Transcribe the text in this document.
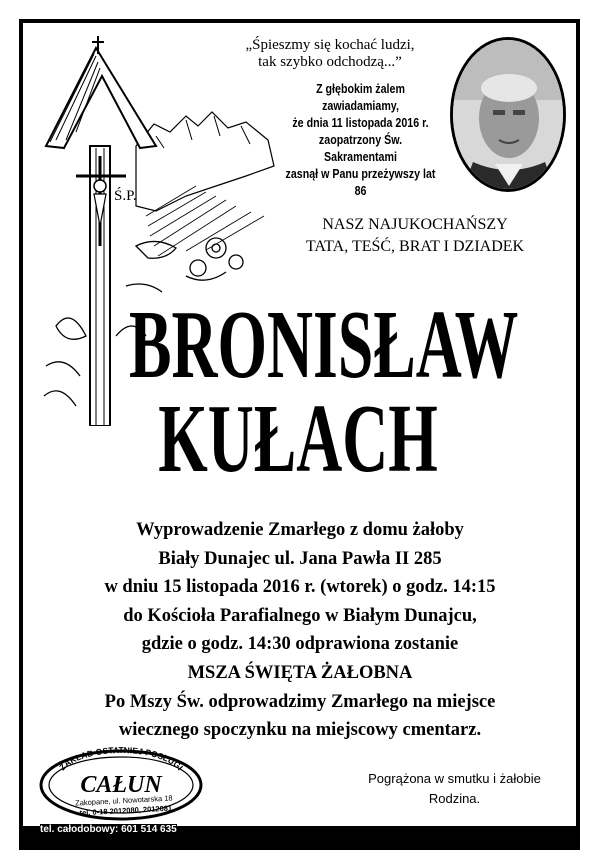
„Śpieszmy się kochać ludzi,
tak szybko odchodzą...”
Z głębokim żalem zawiadamiamy,
że dnia 11 listopada 2016 r.
zaopatrzony Św. Sakramentami
zasnął w Panu przeżywszy lat 86
Ś.P.
NASZ NAJUKOCHAŃSZY
TATA, TEŚĆ, BRAT I DZIADEK
BRONISŁAW
KUŁACH
Wyprowadzenie Zmarłego z domu żałoby
Biały Dunajec ul. Jana Pawła II 285
w dniu 15 listopada 2016 r. (wtorek) o godz. 14:15
do Kościoła Parafialnego w Białym Dunajcu,
gdzie o godz. 14:30 odprawiona zostanie
MSZA ŚWIĘTA ŻAŁOBNA
Po Mszy Św. odprowadzimy Zmarłego na miejsce
wiecznego spoczynku na miejscowy cmentarz.
ZAKŁAD OSTATNIEJ POSŁUGI
CAŁUN
Zakopane, ul. Nowotarska 18
tel. 0-18 2012080, 2012081
Pogrążona w smutku i żałobie
Rodzina.
tel. całodobowy: 601 514 635
